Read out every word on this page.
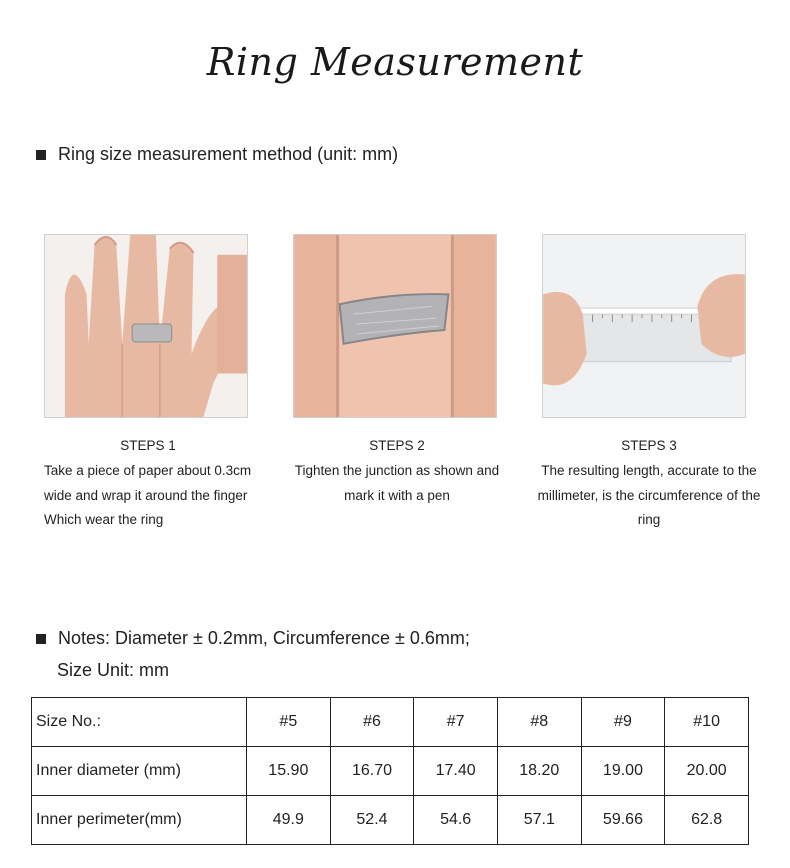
Ring Measurement
Ring size measurement method (unit: mm)
STEPS 1
Take a piece of paper about 0.3cm wide and wrap it around the finger Which wear the ring
STEPS 2
Tighten the junction as shown and mark it with a pen
STEPS 3
The resulting length, accurate to the millimeter, is the circumference of the ring
Notes: Diameter ± 0.2mm, Circumference ± 0.6mm;
Size Unit: mm
Size No.:	#5	#6	#7	#8	#9	#10
Inner diameter (mm)	15.90	16.70	17.40	18.20	19.00	20.00
Inner perimeter(mm)	49.9	52.4	54.6	57.1	59.66	62.8
